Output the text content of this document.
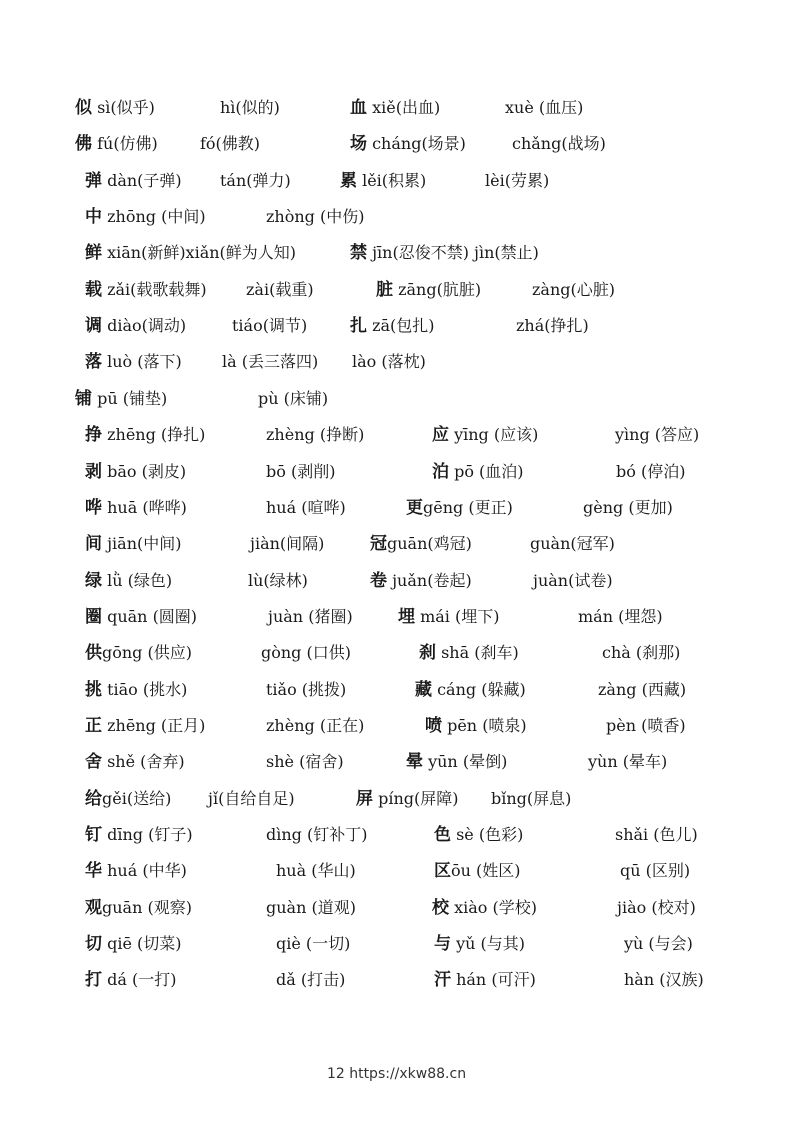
似 sì(似乎)	hì(似的)	血 xiě(出血)	xuè (血压)
佛 fú(仿佛)	fó(佛教)	场 cháng(场景)	chǎng(战场)
弹 dàn(子弹) tán(弹力)	累 lěi(积累)	lèi(劳累)
中 zhōng (中间)	zhòng (中伤)
鲜 xiān(新鲜)xiǎn(鲜为人知)	禁 jīn(忍俊不禁) jìn(禁止)
载 zǎi(载歌载舞) zài(载重)	脏 zāng(肮脏)	zàng(心脏)
调 diào(调动)	tiáo(调节)	扎 zā(包扎)	zhá(挣扎)
落 luò (落下)	là (丢三落四) lào (落枕)
铺 pū (铺垫)	pù (床铺)
挣 zhēng (挣扎)	zhèng (挣断)	应 yīng (应该)	yìng (答应)
剥 bāo (剥皮)	bō (剥削)	泊 pō (血泊)	bó (停泊)
哗 huā (哗哗)	huá (喧哗)	更gēng (更正)	gèng (更加)
间 jiān(中间)	jiàn(间隔)	冠guān(鸡冠)	guàn(冠军)
绿 lǜ (绿色)	lù(绿林)	卷 juǎn(卷起)	juàn(试卷)
圈 quān (圆圈)	juàn (猪圈)	埋 mái (埋下)	mán (埋怨)
供gōng (供应)	gòng (口供)	刹 shā (刹车)	chà (刹那)
挑 tiāo (挑水)	tiǎo (挑拨)	藏 cáng (躲藏)	zàng (西藏)
正 zhēng (正月)	zhèng (正在)	喷 pēn (喷泉)	pèn (喷香)
舍 shě (舍弃)	shè (宿舍)	晕 yūn (晕倒)	yùn (晕车)
给gěi(送给) jǐ(自给自足)	屏 píng(屏障) bǐng(屏息)
钉 dīng (钉子)	dìng (钉补丁)	色 sè (色彩)	shǎi (色儿)
华 huá (中华)	huà (华山)	区ōu (姓区)	qū (区别)
观guān (观察)	guàn (道观)	校 xiào (学校)	jiào (校对)
切 qiē (切菜)	qiè (一切)	与 yǔ (与其)	yù (与会)
打 dá (一打)	dǎ (打击)	汗 hán (可汗)	hàn (汉族)
12 https://xkw88.cn
